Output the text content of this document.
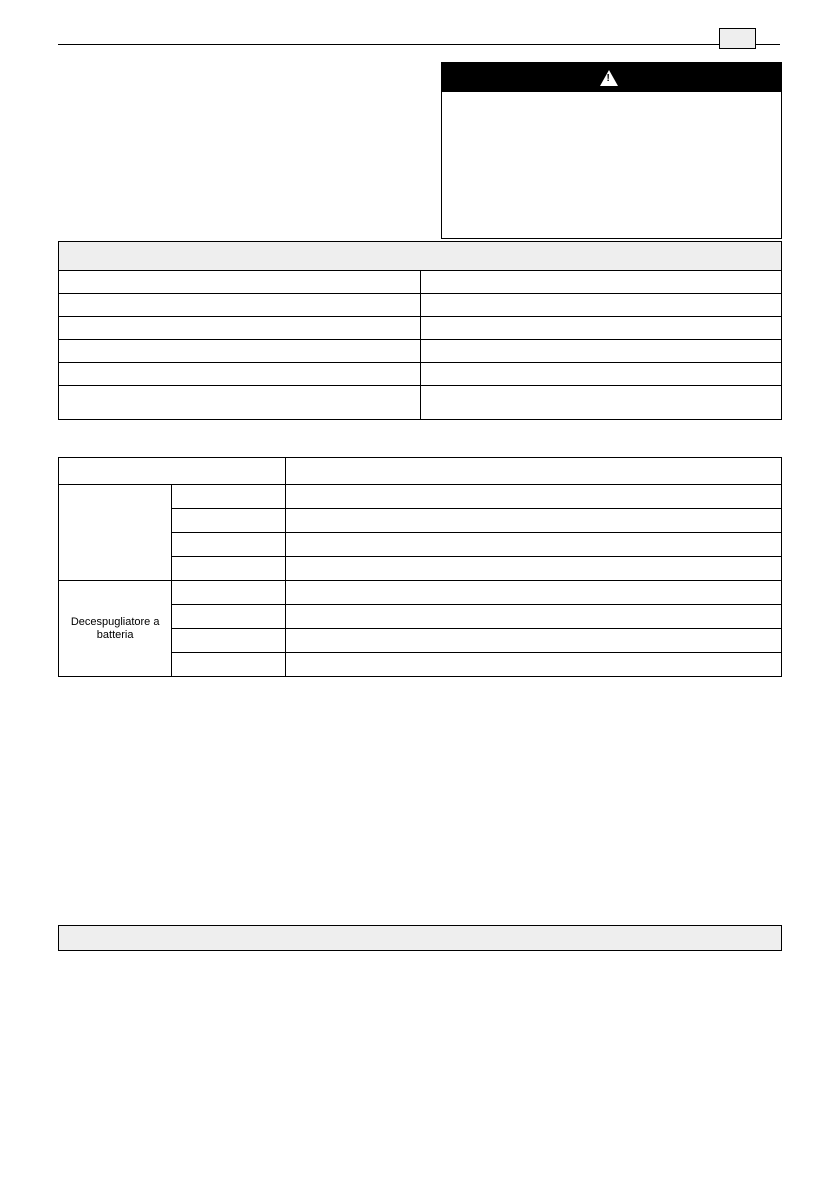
!

Decespugliatore a batteria		
